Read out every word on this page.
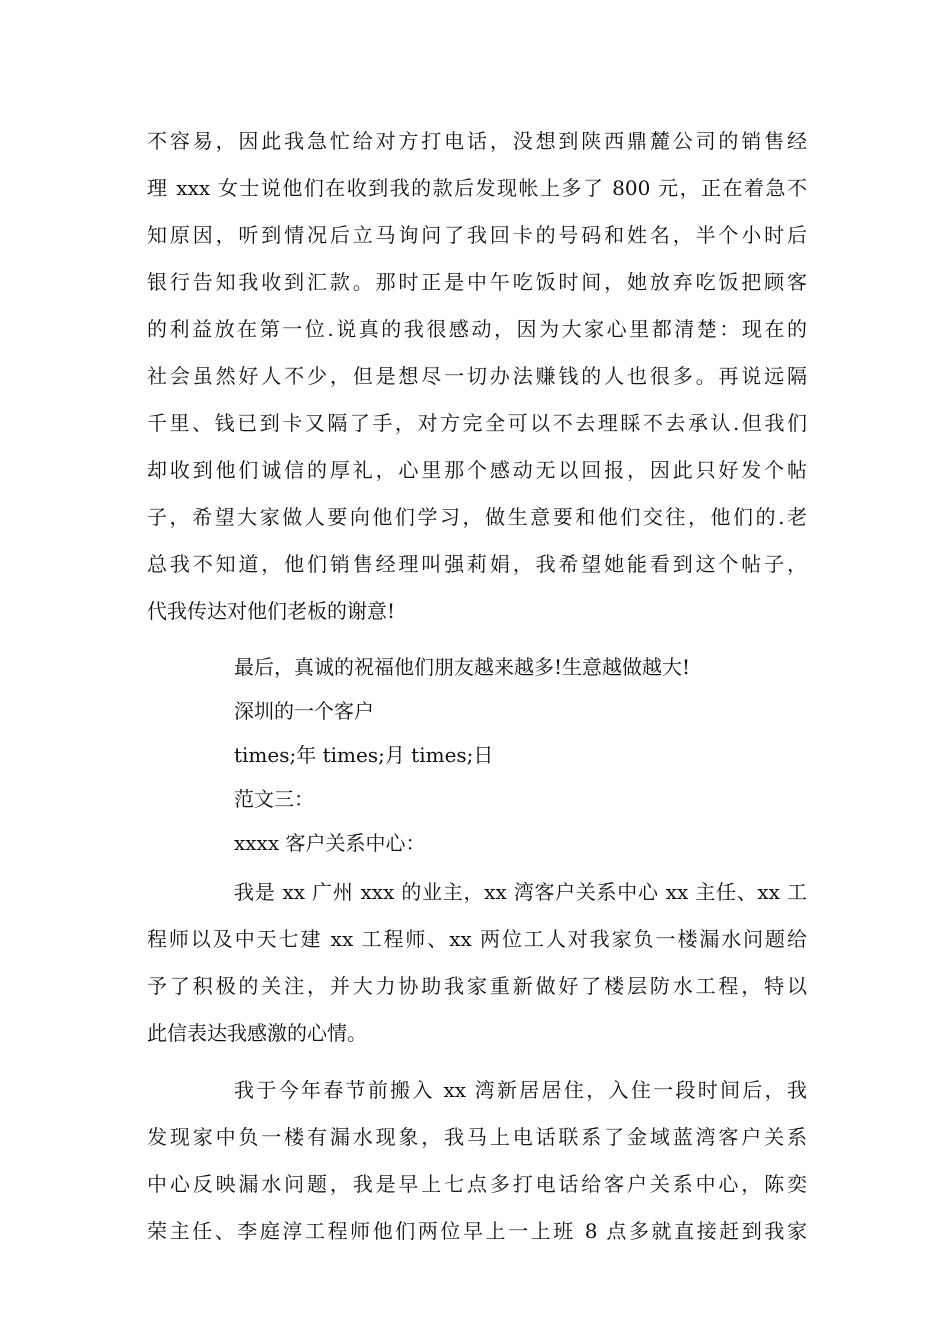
不容易，因此我急忙给对方打电话，没想到陕西鼎麓公司的销售经
理 xxx 女士说他们在收到我的款后发现帐上多了 800 元，正在着急不
知原因，听到情况后立马询问了我回卡的号码和姓名，半个小时后
银行告知我收到汇款。那时正是中午吃饭时间，她放弃吃饭把顾客
的利益放在第一位.说真的我很感动，因为大家心里都清楚：现在的
社会虽然好人不少，但是想尽一切办法赚钱的人也很多。再说远隔
千里、钱已到卡又隔了手，对方完全可以不去理睬不去承认.但我们
却收到他们诚信的厚礼，心里那个感动无以回报，因此只好发个帖
子，希望大家做人要向他们学习，做生意要和他们交往，他们的.老
总我不知道，他们销售经理叫强莉娟，我希望她能看到这个帖子，
代我传达对他们老板的谢意!
最后，真诚的祝福他们朋友越来越多!生意越做越大!
深圳的一个客户
times;年 times;月 times;日
范文三：
xxxx 客户关系中心：
我是 xx 广州 xxx 的业主，xx 湾客户关系中心 xx 主任、xx 工
程师以及中天七建 xx 工程师、xx 两位工人对我家负一楼漏水问题给
予了积极的关注，并大力协助我家重新做好了楼层防水工程，特以
此信表达我感激的心情。
我于今年春节前搬入 xx 湾新居居住，入住一段时间后，我
发现家中负一楼有漏水现象，我马上电话联系了金域蓝湾客户关系
中心反映漏水问题，我是早上七点多打电话给客户关系中心，陈奕
荣主任、李庭淳工程师他们两位早上一上班 8 点多就直接赶到我家
